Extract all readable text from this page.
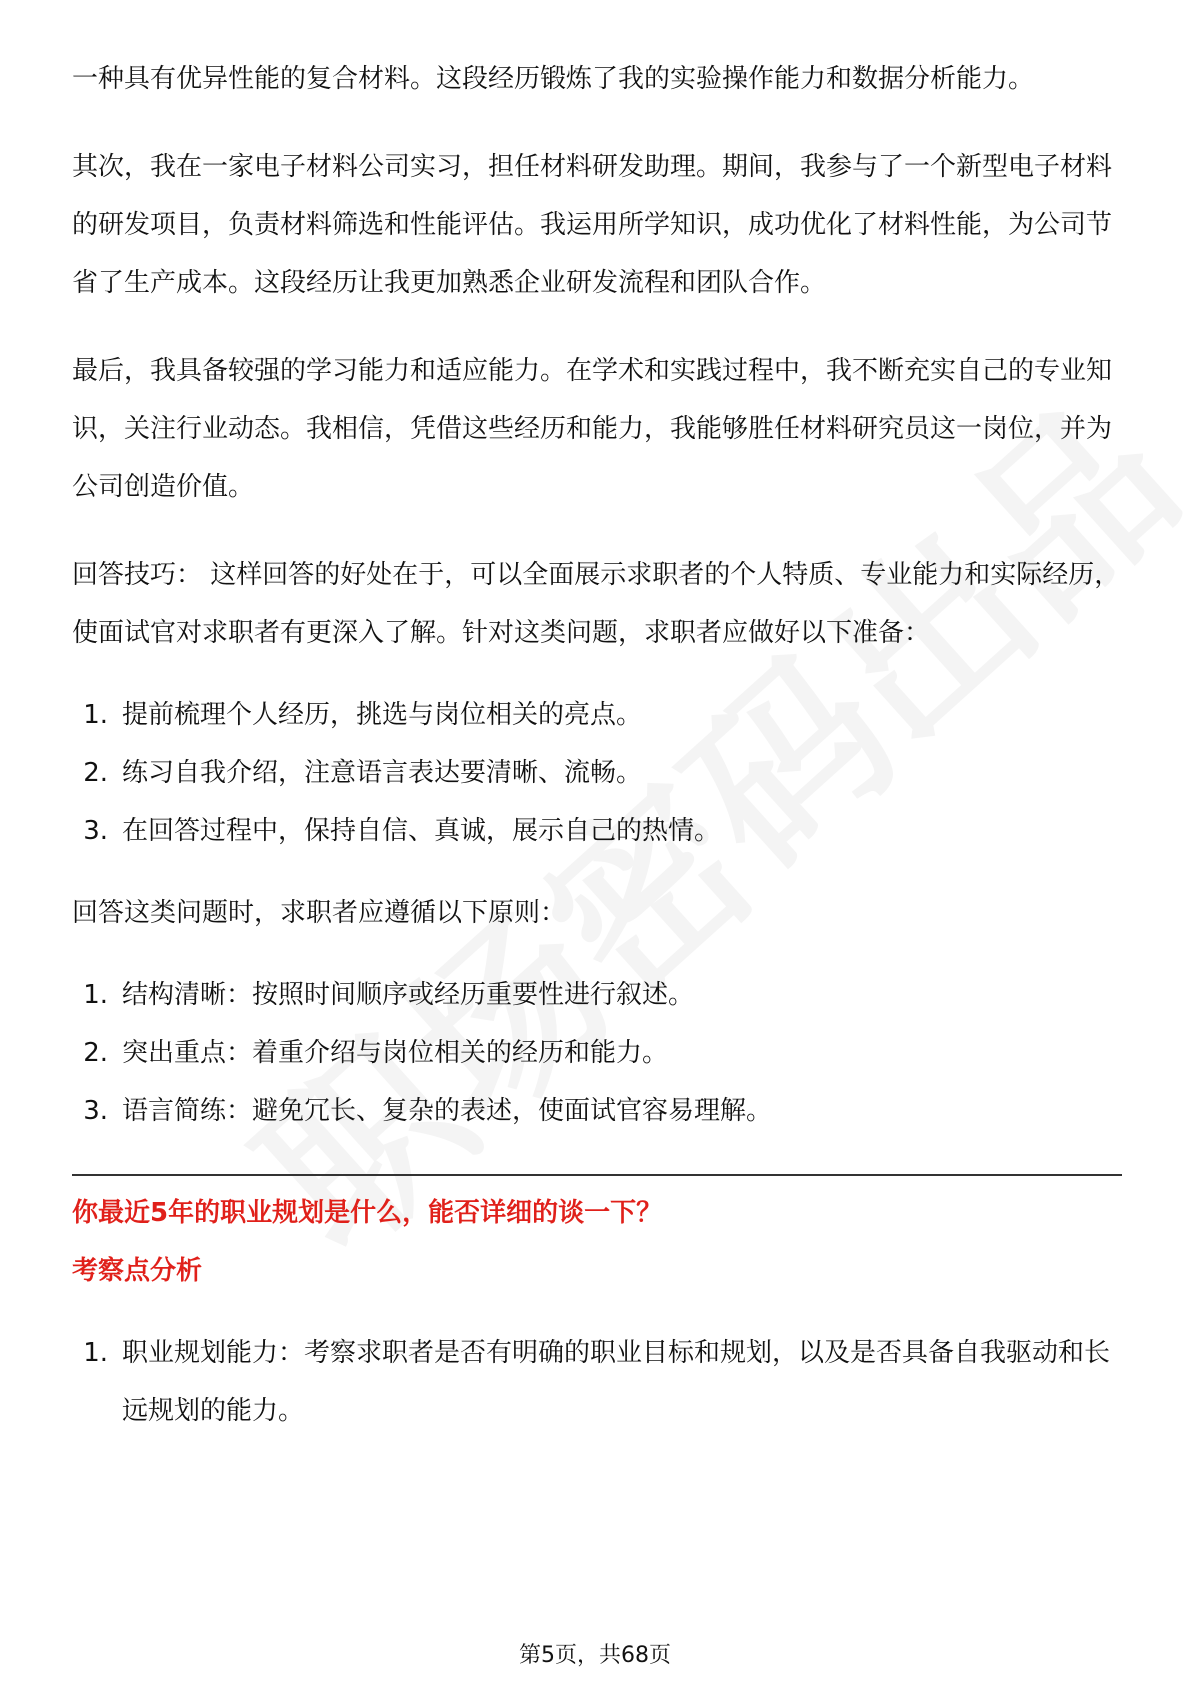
一种具有优异性能的复合材料。这段经历锻炼了我的实验操作能力和数据分析能力。

其次，我在一家电子材料公司实习，担任材料研发助理。期间，我参与了一个新型电子材料的研发项目，负责材料筛选和性能评估。我运用所学知识，成功优化了材料性能，为公司节省了生产成本。这段经历让我更加熟悉企业研发流程和团队合作。

最后，我具备较强的学习能力和适应能力。在学术和实践过程中，我不断充实自己的专业知识，关注行业动态。我相信，凭借这些经历和能力，我能够胜任材料研究员这一岗位，并为公司创造价值。

回答技巧： 这样回答的好处在于，可以全面展示求职者的个人特质、专业能力和实际经历，使面试官对求职者有更深入了解。针对这类问题，求职者应做好以下准备：

1. 提前梳理个人经历，挑选与岗位相关的亮点。
2. 练习自我介绍，注意语言表达要清晰、流畅。
3. 在回答过程中，保持自信、真诚，展示自己的热情。

回答这类问题时，求职者应遵循以下原则：

1. 结构清晰：按照时间顺序或经历重要性进行叙述。
2. 突出重点：着重介绍与岗位相关的经历和能力。
3. 语言简练：避免冗长、复杂的表述，使面试官容易理解。

你最近5年的职业规划是什么，能否详细的谈一下？

考察点分析

1. 职业规划能力：考察求职者是否有明确的职业目标和规划，以及是否具备自我驱动和长远规划的能力。
第5页，共68页
